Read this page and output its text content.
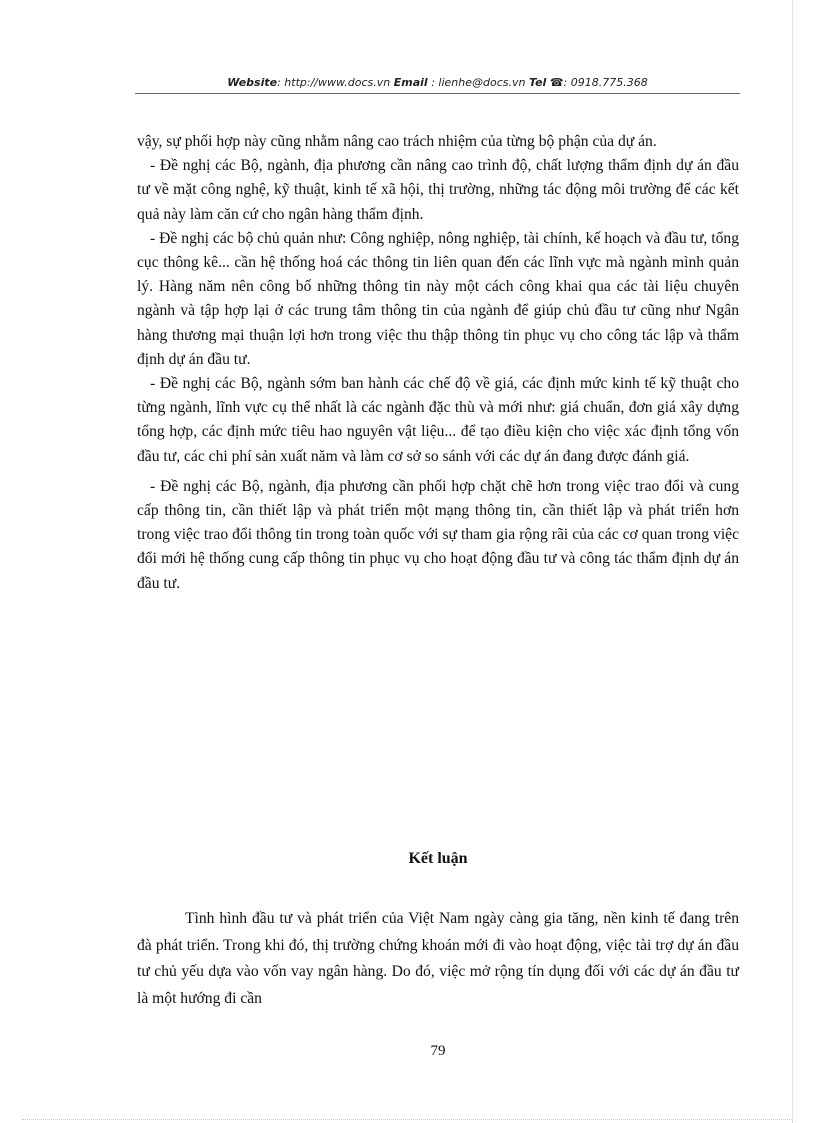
Website: http://www.docs.vn Email : lienhe@docs.vn Tel ☎: 0918.775.368

vậy, sự phối hợp này cũng nhằm nâng cao trách nhiệm của từng bộ phận của dự án.

- Đề nghị các Bộ, ngành, địa phương cần nâng cao trình độ, chất lượng thẩm định dự án đầu tư về mặt công nghệ, kỹ thuật, kinh tế xã hội, thị trường, những tác động môi trường để các kết quả này làm căn cứ cho ngân hàng thẩm định.

- Đề nghị các bộ chủ quản như: Công nghiệp, nông nghiệp, tài chính, kế hoạch và đầu tư, tổng cục thông kê... cần hệ thống hoá các thông tin liên quan đến các lĩnh vực mà ngành mình quản lý. Hàng năm nên công bố những thông tin này một cách công khai qua các tài liệu chuyên ngành và tập hợp lại ở các trung tâm thông tin của ngành để giúp chủ đầu tư cũng như Ngân hàng thương mại thuận lợi hơn trong việc thu thập thông tin phục vụ cho công tác lập và thẩm định dự án đầu tư.

- Đề nghị các Bộ, ngành sớm ban hành các chế độ về giá, các định mức kinh tế kỹ thuật cho từng ngành, lĩnh vực cụ thể nhất là các ngành đặc thù và mới như: giá chuẩn, đơn giá xây dựng tổng hợp, các định mức tiêu hao nguyên vật liệu... để tạo điều kiện cho việc xác định tổng vốn đầu tư, các chi phí sản xuất năm và làm cơ sở so sánh với các dự án đang được đánh giá.

- Đề nghị các Bộ, ngành, địa phương cần phối hợp chặt chẽ hơn trong việc trao đổi và cung cấp thông tin, cần thiết lập và phát triển một mạng thông tin, cần thiết lập và phát triển hơn trong việc trao đổi thông tin trong toàn quốc với sự tham gia rộng rãi của các cơ quan trong việc đổi mới hệ thống cung cấp thông tin phục vụ cho hoạt động đầu tư và công tác thẩm định dự án đầu tư.

Kết luận

Tình hình đầu tư và phát triển của Việt Nam ngày càng gia tăng, nền kinh tế đang trên đà phát triển. Trong khi đó, thị trường chứng khoán mới đi vào hoạt động, việc tài trợ dự án đầu tư chủ yếu dựa vào vốn vay ngân hàng. Do đó, việc mở rộng tín dụng đối với các dự án đầu tư là một hướng đi cần

79
